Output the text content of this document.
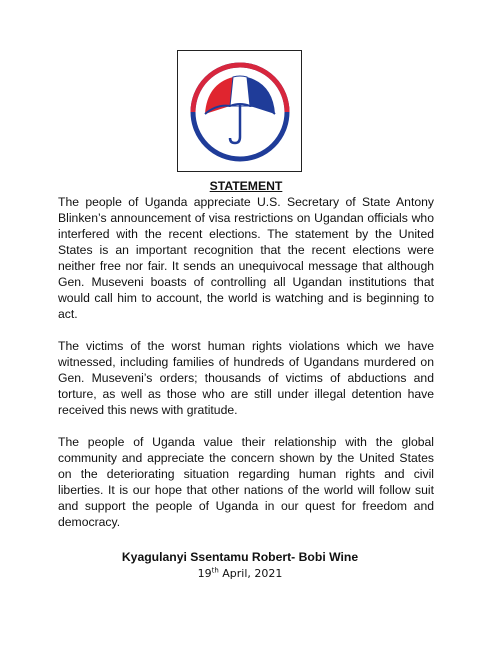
STATEMENT

The people of Uganda appreciate U.S. Secretary of State Antony Blinken’s announcement of visa restrictions on Ugandan officials who interfered with the recent elections. The statement by the United States is an important recognition that the recent elections were neither free nor fair. It sends an unequivocal message that although Gen. Museveni boasts of controlling all Ugandan institutions that would call him to account, the world is watching and is beginning to act.

The victims of the worst human rights violations which we have witnessed, including families of hundreds of Ugandans murdered on Gen. Museveni’s orders; thousands of victims of abductions and torture, as well as those who are still under illegal detention have received this news with gratitude.

The people of Uganda value their relationship with the global community and appreciate the concern shown by the United States on the deteriorating situation regarding human rights and civil liberties. It is our hope that other nations of the world will follow suit and support the people of Uganda in our quest for freedom and democracy.

Kyagulanyi Ssentamu Robert- Bobi Wine
19th April, 2021
